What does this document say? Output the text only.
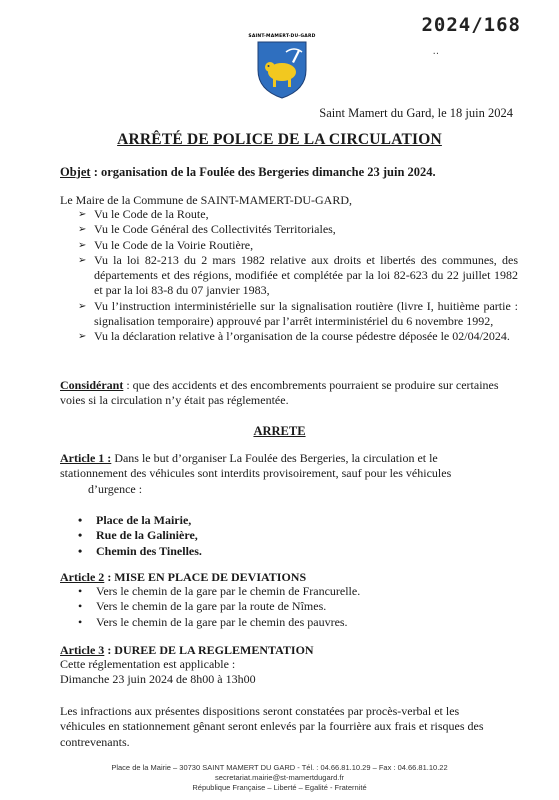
2024/168
..
SAINT-MAMERT-DU-GARD
Saint Mamert du Gard, le 18 juin 2024
ARRÊTÉ DE POLICE DE LA CIRCULATION
Objet : organisation de la Foulée des Bergeries dimanche 23 juin 2024.
Le Maire de la Commune de SAINT-MAMERT-DU-GARD,
➢ Vu le Code de la Route,
➢ Vu le Code Général des Collectivités Territoriales,
➢ Vu le Code de la Voirie Routière,
➢ Vu la loi 82-213 du 2 mars 1982 relative aux droits et libertés des communes, des départements et des régions, modifiée et complétée par la loi 82-623 du 22 juillet 1982 et par la loi 83-8 du 07 janvier 1983,
➢ Vu l’instruction interministérielle sur la signalisation routière (livre I, huitième partie : signalisation temporaire) approuvé par l’arrêt interministériel du 6 novembre 1992,
➢ Vu la déclaration relative à l’organisation de la course pédestre déposée le 02/04/2024.
Considérant : que des accidents et des encombrements pourraient se produire sur certaines voies si la circulation n’y était pas réglementée.
ARRETE
Article 1 : Dans le but d’organiser La Foulée des Bergeries, la circulation et le stationnement des véhicules sont interdits provisoirement, sauf pour les véhicules
d’urgence :
•	Place de la Mairie,
•	Rue de la Galinière,
•	Chemin des Tinelles.
Article 2 : MISE EN PLACE DE DEVIATIONS
•	Vers le chemin de la gare par le chemin de Francurelle.
•	Vers le chemin de la gare par la route de Nîmes.
•	Vers le chemin de la gare par le chemin des pauvres.
Article 3 : DUREE DE LA REGLEMENTATION
Cette réglementation est applicable :
Dimanche 23 juin 2024 de 8h00 à 13h00
Les infractions aux présentes dispositions seront constatées par procès-verbal et les véhicules en stationnement gênant seront enlevés par la fourrière aux frais et risques des contrevenants.
Place de la Mairie – 30730 SAINT MAMERT DU GARD - Tél. : 04.66.81.10.29 – Fax : 04.66.81.10.22
secretariat.mairie@st-mamertdugard.fr
République Française – Liberté – Egalité - Fraternité
